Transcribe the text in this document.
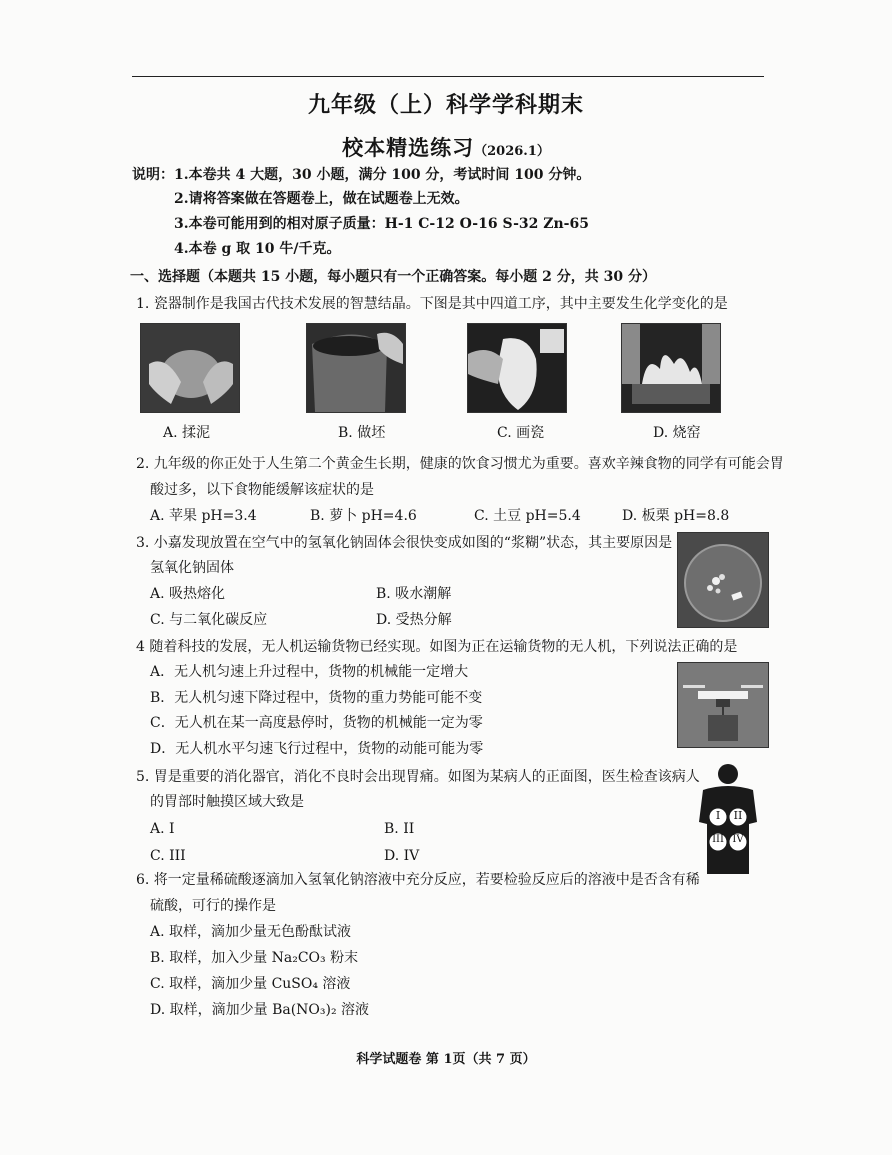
九年级（上）科学学科期末
校本精选练习（2026.1）
说明： 1.本卷共 4 大题，30 小题，满分 100 分，考试时间 100 分钟。
2.请将答案做在答题卷上，做在试题卷上无效。
3.本卷可能用到的相对原子质量：H-1 C-12 O-16 S-32 Zn-65
4.本卷 g 取 10 牛/千克。
一、选择题（本题共 15 小题，每小题只有一个正确答案。每小题 2 分，共 30 分）
1. 瓷器制作是我国古代技术发展的智慧结晶。下图是其中四道工序，其中主要发生化学变化的是
A. 揉泥	B. 做坯	C. 画瓷	D. 烧窑
2. 九年级的你正处于人生第二个黄金生长期，健康的饮食习惯尤为重要。喜欢辛辣食物的同学有可能会胃
酸过多，以下食物能缓解该症状的是
A. 苹果 pH=3.4	B. 萝卜 pH=4.6	C. 土豆 pH=5.4	D. 板栗 pH=8.8
3. 小嘉发现放置在空气中的氢氧化钠固体会很快变成如图的“浆糊”状态，其主要原因是
氢氧化钠固体
A. 吸热熔化	B. 吸水潮解
C. 与二氧化碳反应	D. 受热分解
4 随着科技的发展，无人机运输货物已经实现。如图为正在运输货物的无人机，下列说法正确的是
A．无人机匀速上升过程中，货物的机械能一定增大
B．无人机匀速下降过程中，货物的重力势能可能不变
C．无人机在某一高度悬停时，货物的机械能一定为零
D．无人机水平匀速飞行过程中，货物的动能可能为零
5. 胃是重要的消化器官，消化不良时会出现胃痛。如图为某病人的正面图，医生检查该病人
的胃部时触摸区域大致是
A. I	B. II
C. III	D. IV
I	II
III IV
6. 将一定量稀硫酸逐滴加入氢氧化钠溶液中充分反应，若要检验反应后的溶液中是否含有稀
硫酸，可行的操作是
A. 取样，滴加少量无色酚酞试液
B. 取样，加入少量 Na₂CO₃ 粉末
C. 取样，滴加少量 CuSO₄ 溶液
D. 取样，滴加少量 Ba(NO₃)₂ 溶液
科学试题卷 第 1页（共 7 页）
